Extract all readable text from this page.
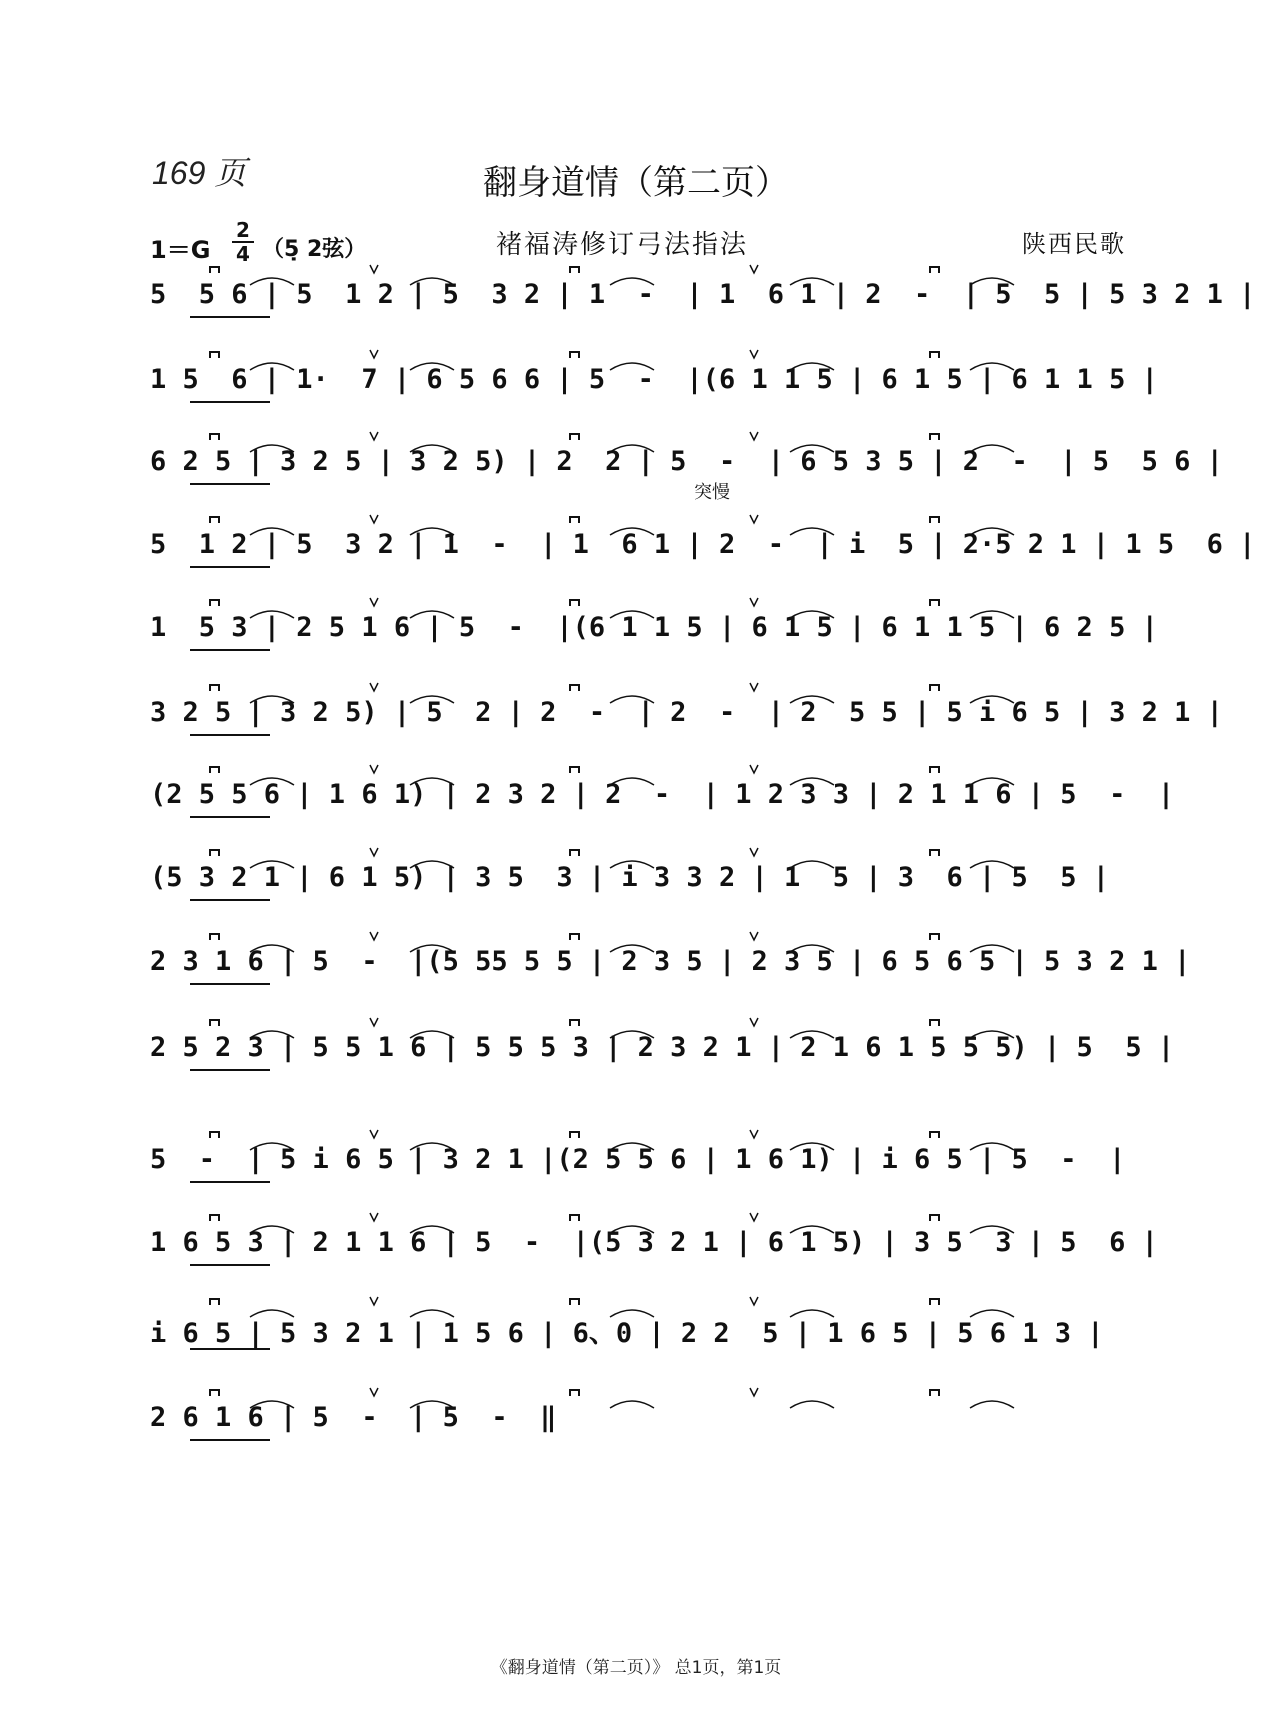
169 页	翻身道情（第二页）
1＝G
2
4 （5̣ 2弦）	褚福涛修订弓法指法	陕西民歌
突慢
5  5 6 | 5  1 2 | 5  3 2 | 1  -  | 1  6 1 | 2  -  | 5  5 | 5 3 2 1 |
1 5  6 | 1·  7 | 6 5 6 6 | 5  -  |(6 1 1 5 | 6 1 5 | 6 1 1 5 |
6 2 5 | 3 2 5 | 3 2 5) | 2  2 | 5  -  | 6 5 3 5 | 2  -  | 5  5 6 |
5  1 2 | 5  3 2 | 1  -  | 1  6 1 | 2  -  | i  5 | 2·5 2 1 | 1 5  6 |
1  5 3 | 2 5 1 6 | 5  -  |(6 1 1 5 | 6 1 5 | 6 1 1 5 | 6 2 5 |
3 2 5 | 3 2 5) | 5  2 | 2  -  | 2  -  | 2  5 5 | 5 i 6 5 | 3 2 1 |
(2 5 5 6 | 1 6 1) | 2 3 2 | 2  -  | 1 2 3 3 | 2 1 1 6 | 5  -  |
(5 3 2 1 | 6 1 5) | 3 5  3 | i 3 3 2 | 1  5 | 3  6 | 5  5 |
2 3 1 6 | 5  -  |(5 55 5 5 | 2 3 5 | 2 3 5 | 6 5 6 5 | 5 3 2 1 |
2 5 2 3 | 5 5 1 6 | 5 5 5 3 | 2 3 2 1 | 2 1 6 1 5 5 5) | 5  5 |
5  -  | 5 i 6 5 | 3 2 1 |(2 5 5 6 | 1 6 1) | i 6 5 | 5  -  |
1 6 5 3 | 2 1 1 6 | 5  -  |(5 3 2 1 | 6 1 5) | 3 5  3 | 5  6 |
i 6 5 | 5 3 2 1 | 1 5 6 | 6、0 | 2 2  5 | 1 6 5 | 5 6 1 3 |
2 6 1 6 | 5  -  | 5  -  ‖
《翻身道情（第二页）》 总1页，第1页
